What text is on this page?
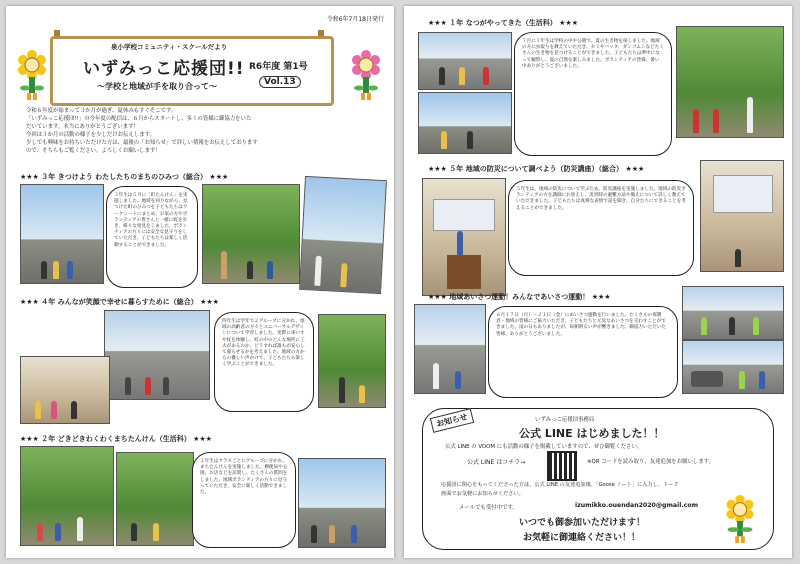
令和6年7月18日発行
泉小学校コミュニティ・スクールだより
いずみっこ応援団!! R6年度 第1号
Vol.13
～学校と地域が手を取り合って～
令和６年度が始まって３か月が過ぎ、夏休みもすぐそこです。
「いずみっこ応援団!!」の今年度の配信は、６月からスタートし、多くの皆様に御協力をいた
だいています。本当にありがとうございます！
今回は３か月の活動の様子を少しだけお伝えします。
少しでも興味をお持ちいただけた方は、最後の「お知らせ」で詳しい情報をお伝えしております
ので、そちらもご覧ください。よろしくお願いします！
★★★ ３年 きつけよう わたしたちのまちのひみつ（総合） ★★★
３年生は５月に「町たんけん」を実施しました。地域を回りながら、見つけた町のひみつを子どもたちはワークシートにまとめ、お家の方やボランティアの皆さんと一緒に町を歩き、様々な発見をしました。ボランティアの方々には安全な見守りをしていただき、子どもたちは楽しく活動することができました。
★★★ ４年 みんなが笑顔で幸せに暮らすために（総合） ★★★
四年生は学年で２グループに分かれ、地域の高齢者の方々とユニバーサルデザインについて学習しました。実際に車いすや杖を体験し、町の中のどんな場所に工夫があるのか、どうすれば誰もが安心して暮らせるかを考えました。地域の方からの優しい声かけで、子どもたちも楽しく学ぶことができました。
★★★ ２年 どきどきわくわくまちたんけん（生活科） ★★★
２年生はクラスごとにグループに分かれ、まちたんけんを実施しました。郵便局や公園、お店などを訪問し、たくさんの質問をしました。地域ボランティアの方々に見守っていただき、安全に楽しく活動できました。
★★★ １年 なつがやってきた（生活科） ★★★
７月に１年生は学校の中や公園で、夏の生き物を探しました。地域の方に虫取りを教えていただき、セミやバッタ、ダンゴムシなどたくさんの生き物を見つけることができました。子どもたちは夢中になって観察し、夏の自然を楽しみました。ボランティアの皆様、暑い中ありがとうございました。
★★★ ５年 地域の防災について調べよう（防災講座）（総合） ★★★
５年生は、地域の防災について学ぶため、防災講座を実施しました。地域の防災ボランティアの方を講師にお迎えし、災害時の避難方法や備えについて詳しく教えていただきました。子どもたちは真剣な表情で話を聞き、自分たちにできることを考えることができました。
★★★ 地域あいさつ運動！みんなであいさつ運動！ ★★★
６月１７日（月）～２１日（金）にあいさつ運動を行いました。たくさんの保護者・地域の皆様にご協力いただき、子どもたちと元気なあいさつを交わすことができました。雨の日もありましたが、毎朝明るい声が響きました。御協力いただいた皆様、ありがとうございました。
お知らせ	いずみっこ応援団事務局
公式 LINE はじめました！！
公式 LINE の VOOM にも活動の様子を掲載していますので、ぜひ御覧ください。
公式 LINE はコチラ→	※QR コードを読み取り、友達追加をお願いします。
応援団に関心をもってくださった方は、公式 LINE の友達追加後、「Goose ノート」に入力し、トーク
画面でお気軽にお知らせください。
メールでも受付中です。	izumikko.ouendan2020@gmail.com
いつでも御参加いただけます！
お気軽に御連絡ください！！
